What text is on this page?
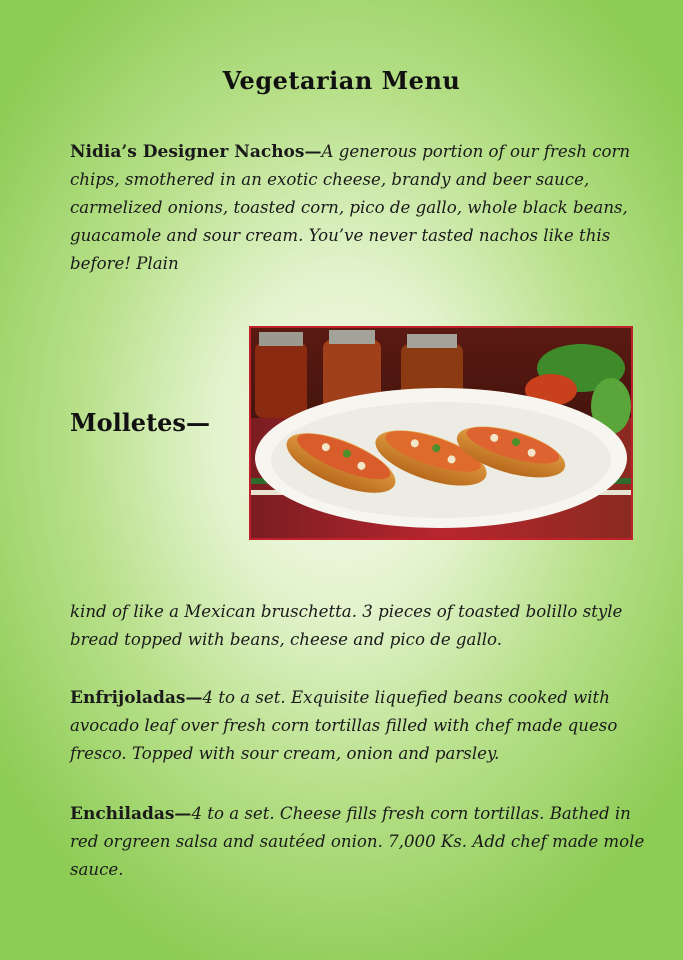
Vegetarian Menu

Nidia’s Designer Nachos—A generous portion of our fresh corn chips, smothered in an exotic cheese, brandy and beer sauce, carmelized onions, toasted corn, pico de gallo, whole black beans, guacamole and sour cream. You’ve never tasted nachos like this before! Plain

Molletes—

kind of like a Mexican bruschetta. 3 pieces of toasted bolillo style bread topped with beans, cheese and pico de gallo.

Enfrijoladas—4 to a set. Exquisite liquefied beans cooked with avocado leaf over fresh corn tortillas filled with chef made queso fresco. Topped with sour cream, onion and parsley.

Enchiladas—4 to a set. Cheese fills fresh corn tortillas. Bathed in red orgreen salsa and sautéed onion. 7,000 Ks. Add chef made mole sauce.
